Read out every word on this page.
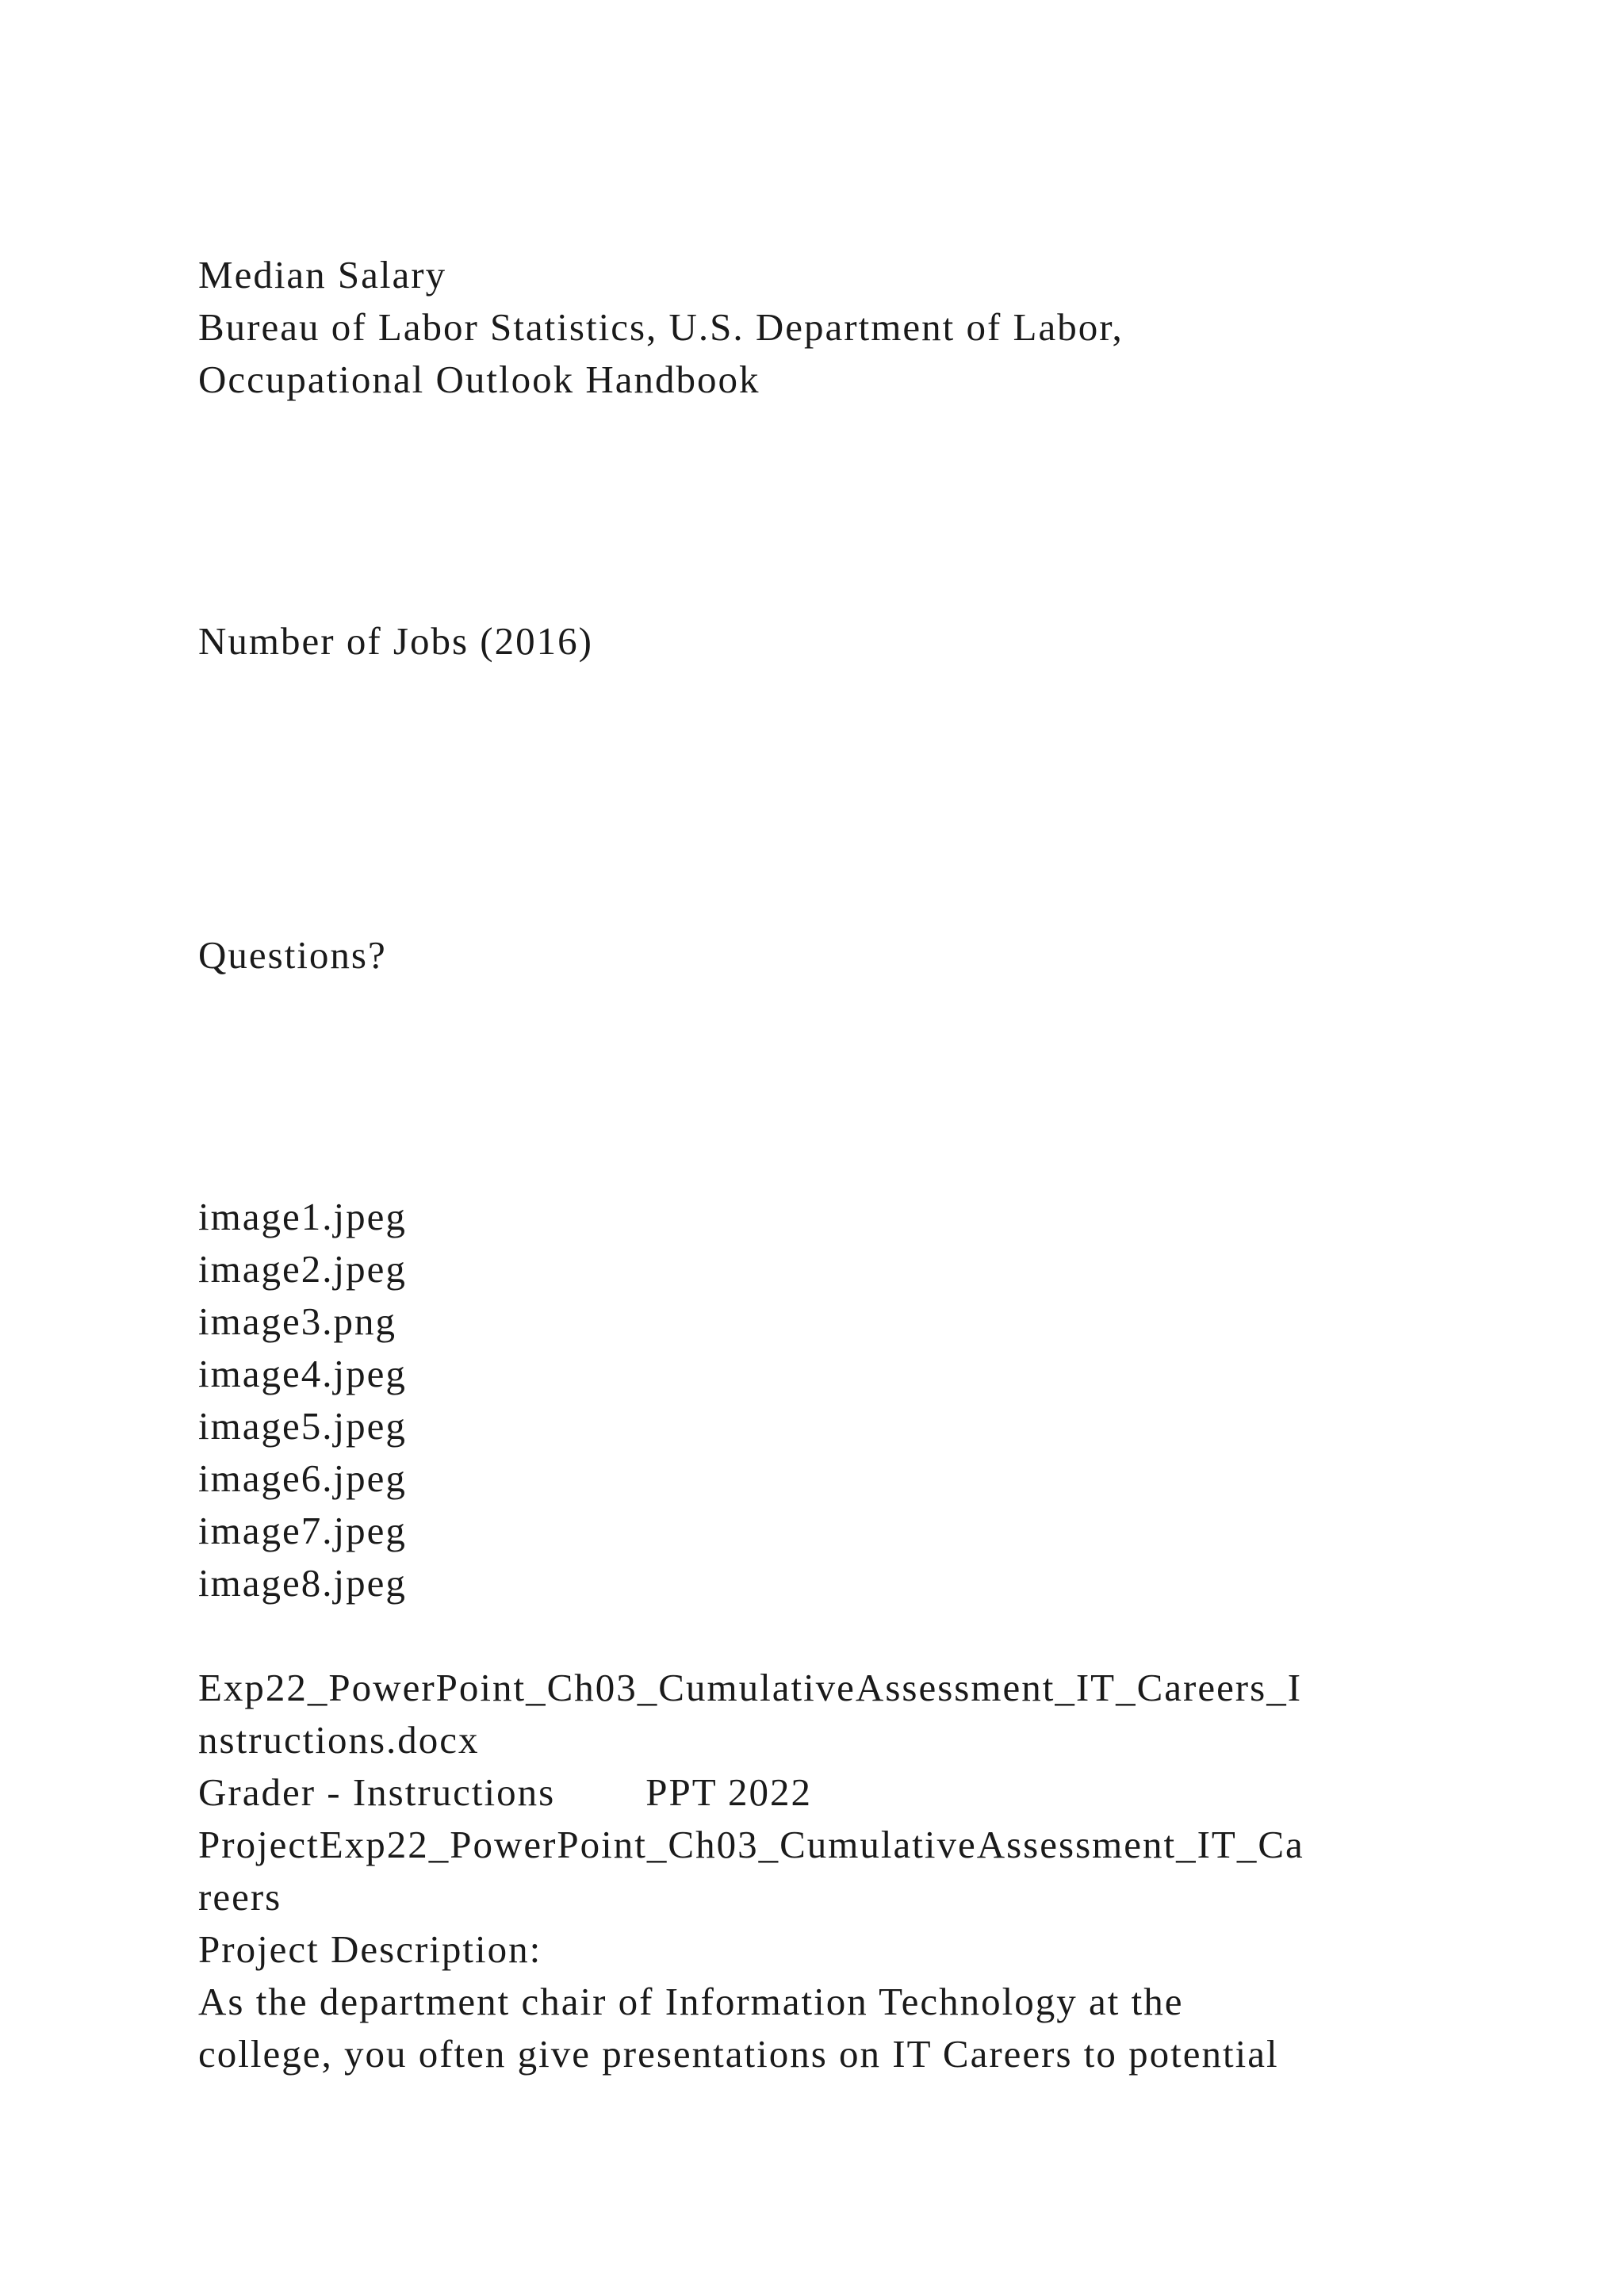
Median Salary
Bureau of Labor Statistics, U.S. Department of Labor,
Occupational Outlook Handbook
Number of Jobs (2016)
Questions?
image1.jpeg
image2.jpeg
image3.png
image4.jpeg
image5.jpeg
image6.jpeg
image7.jpeg
image8.jpeg
Exp22_PowerPoint_Ch03_CumulativeAssessment_IT_Careers_I
nstructions.docx
Grader - Instructions        PPT 2022
ProjectExp22_PowerPoint_Ch03_CumulativeAssessment_IT_Ca
reers
Project Description:
As the department chair of Information Technology at the
college, you often give presentations on IT Careers to potential
